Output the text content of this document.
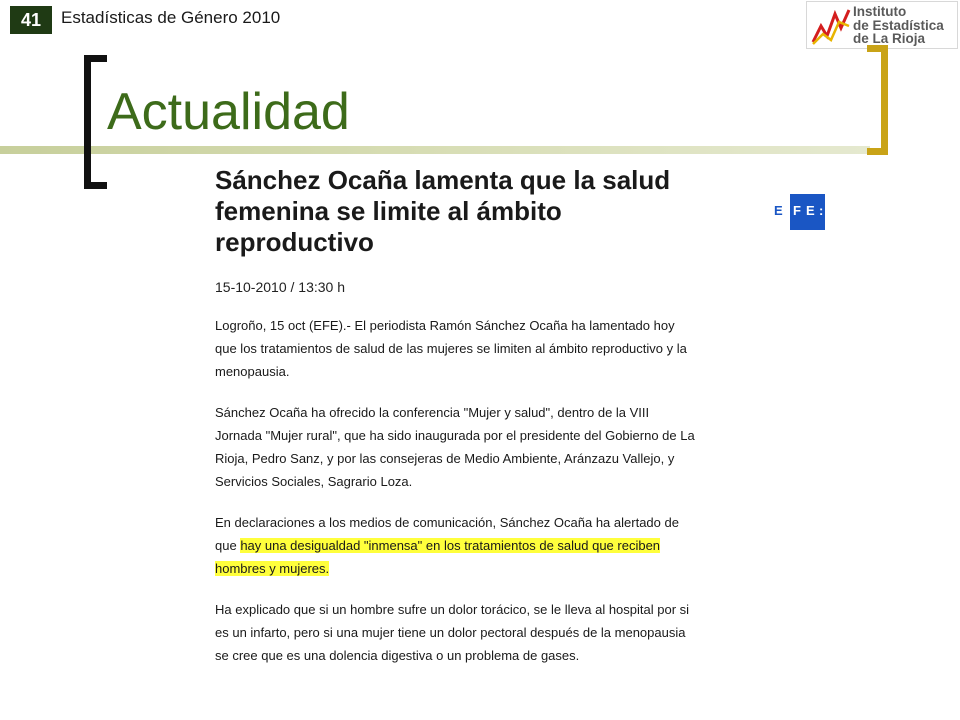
41	Estadísticas de Género 2010	Instituto
de Estadística
de La Rioja
Actualidad
Sánchez Ocaña lamenta que la salud
femenina se limite al ámbito
reproductivo
15-10-2010 / 13:30 h
Logroño, 15 oct (EFE).- El periodista Ramón Sánchez Ocaña ha lamentado hoy
que los tratamientos de salud de las mujeres se limiten al ámbito reproductivo y la
menopausia.
Sánchez Ocaña ha ofrecido la conferencia "Mujer y salud", dentro de la VIII
Jornada "Mujer rural", que ha sido inaugurada por el presidente del Gobierno de La
Rioja, Pedro Sanz, y por las consejeras de Medio Ambiente, Aránzazu Vallejo, y
Servicios Sociales, Sagrario Loza.
En declaraciones a los medios de comunicación, Sánchez Ocaña ha alertado de
que hay una desigualdad "inmensa" en los tratamientos de salud que reciben
hombres y mujeres.
Ha explicado que si un hombre sufre un dolor torácico, se le lleva al hospital por si
es un infarto, pero si una mujer tiene un dolor pectoral después de la menopausia
se cree que es una dolencia digestiva o un problema de gases.
E F E :
